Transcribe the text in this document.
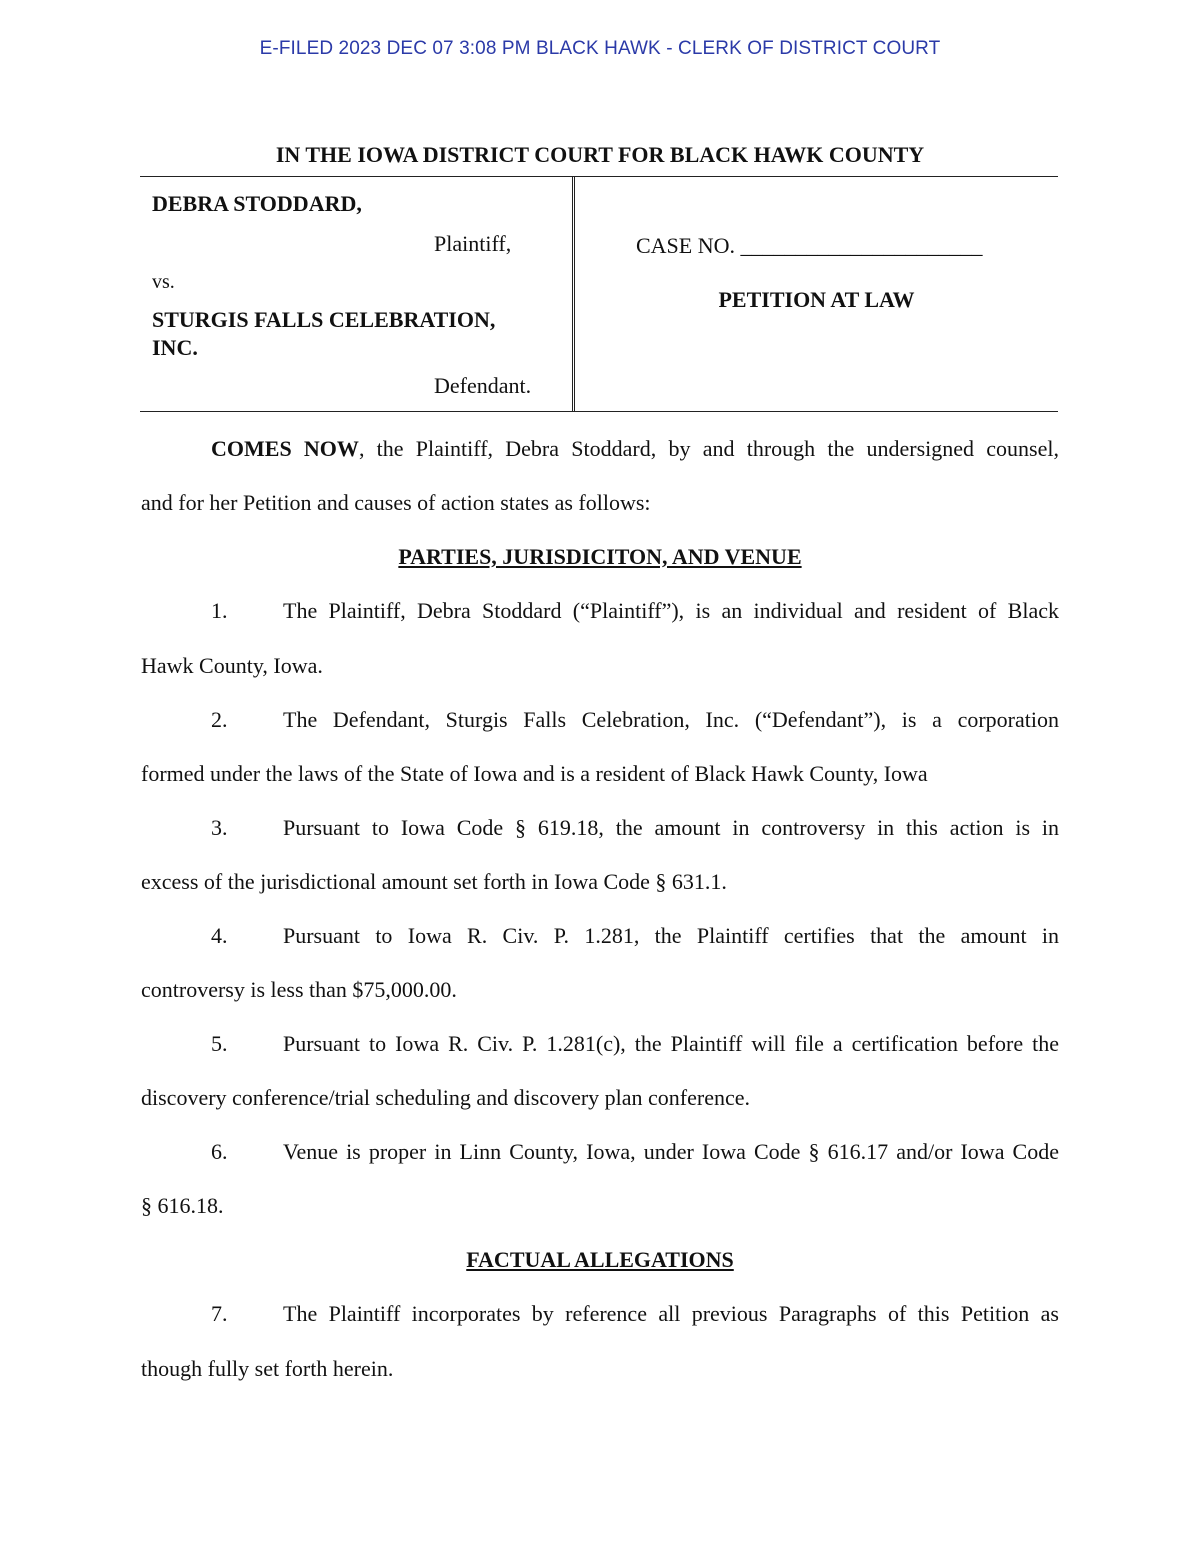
E-FILED 2023 DEC 07 3:08 PM BLACK HAWK - CLERK OF DISTRICT COURT
IN THE IOWA DISTRICT COURT FOR BLACK HAWK COUNTY
DEBRA STODDARD,
Plaintiff,
vs.
STURGIS FALLS CELEBRATION,
INC.
Defendant.
CASE NO. ______________________
PETITION AT LAW
COMES NOW, the Plaintiff, Debra Stoddard, by and through the undersigned counsel,
and for her Petition and causes of action states as follows:
PARTIES, JURISDICITON, AND VENUE
1.	The Plaintiff, Debra Stoddard (“Plaintiff”), is an individual and resident of Black
Hawk County, Iowa.
2.	The Defendant, Sturgis Falls Celebration, Inc. (“Defendant”), is a corporation
formed under the laws of the State of Iowa and is a resident of Black Hawk County, Iowa
3.	Pursuant to Iowa Code § 619.18, the amount in controversy in this action is in
excess of the jurisdictional amount set forth in Iowa Code § 631.1.
4.	Pursuant to Iowa R. Civ. P. 1.281, the Plaintiff certifies that the amount in
controversy is less than $75,000.00.
5.	Pursuant to Iowa R. Civ. P. 1.281(c), the Plaintiff will file a certification before the
discovery conference/trial scheduling and discovery plan conference.
6.	Venue is proper in Linn County, Iowa, under Iowa Code § 616.17 and/or Iowa Code
§ 616.18.
FACTUAL ALLEGATIONS
7.	The Plaintiff incorporates by reference all previous Paragraphs of this Petition as
though fully set forth herein.
